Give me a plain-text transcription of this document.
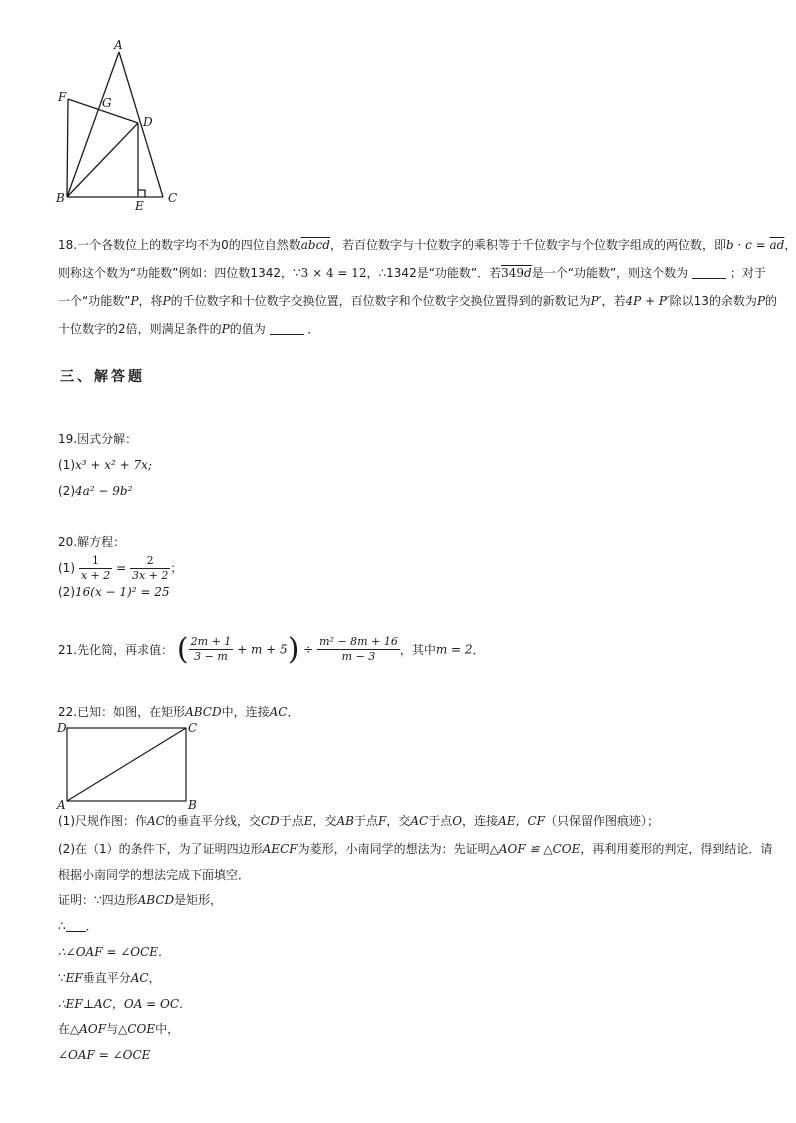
A
F	G
D
B
E
C
18.一个各数位上的数字均不为0的四位自然数abcd，若百位数字与十位数字的乘积等于千位数字与个位数字组成的两位数，即$b \cdot c = \overline{ad}$，
则称这个数为“功能数”例如：四位数1342，∵3 × 4 = 12，∴1342是“功能数”．若349d是一个“功能数”，则这个数为	；对于
一个“功能数”P，将P的千位数字和十位数字交换位置，百位数字和个位数字交换位置得到的新数记为P′，若4P + P′除以13的余数为P的
十位数字的2倍，则满足条件的P的值为	．
三、解答题
19.因式分解：
(1)x³ + x² + 7x;
(2)4a² − 9b²
20.解方程：
$(1) \frac{1}{x + 2} = \frac{2}{3x + 2}$ ；
(2)16(x − 1)² = 25
21.先化简，再求值： ( $\frac{2m + 1}{3 - m} + m + 5) \div \frac{\text{m² − 8m + 16}}{m - 3}$ ，其中m = 2．
22.已知：如图，在矩形ABCD中，连接AC．
D	C
A	B
(1)尺规作图：作AC的垂直平分线，交CD于点E，交AB于点F，交AC于点O，连接AE，CF（只保留作图痕迹）；
(2)在（1）的条件下，为了证明四边形AECF为菱形，小南同学的想法为：先证明△AOF ≌ △COE，再利用菱形的判定，得到结论．请
根据小南同学的想法完成下面填空．
证明：∵四边形ABCD是矩形，
∴ ．
∴∠OAF = ∠OCE．
∵EF垂直平分AC，
∴EF⊥AC，OA = OC．
在△AOF与△COE中，
∠OAF = ∠OCE
